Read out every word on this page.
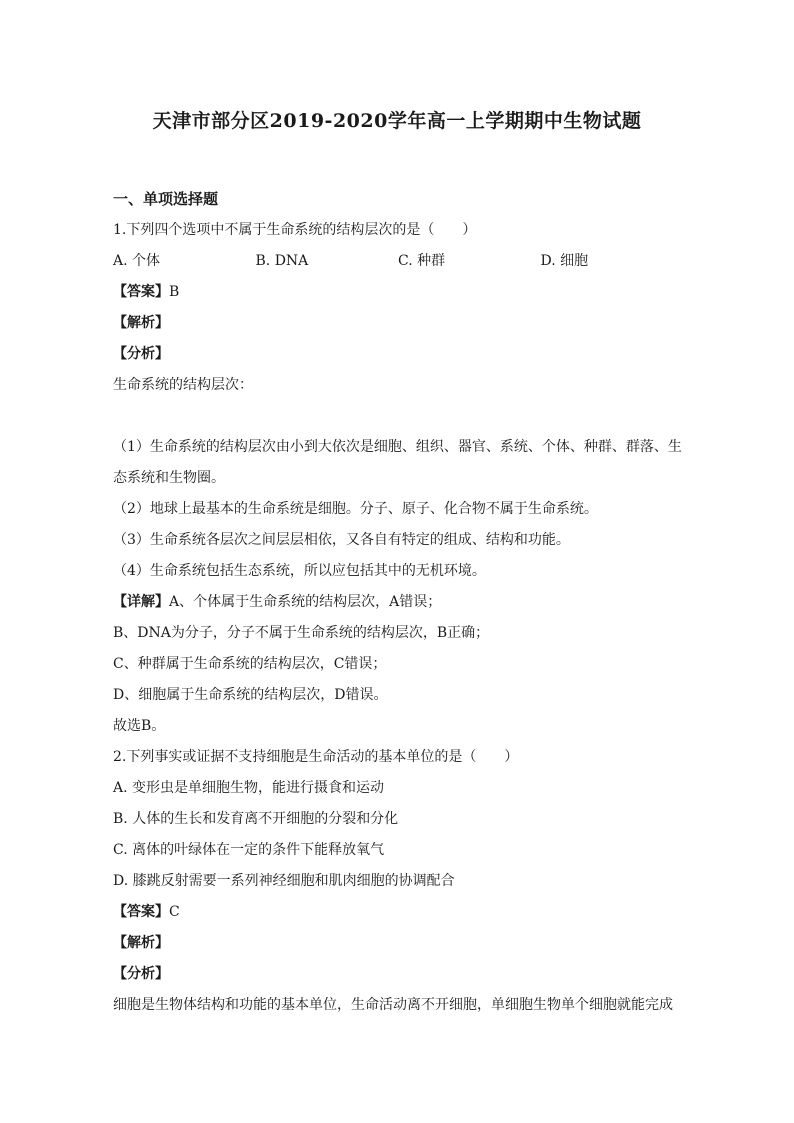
天津市部分区2019-2020学年高一上学期期中生物试题
一、单项选择题
1.下列四个选项中不属于生命系统的结构层次的是（　　）
A. 个体	B. DNA	C. 种群	D. 细胞
【答案】B
【解析】
【分析】
生命系统的结构层次：
（1）生命系统的结构层次由小到大依次是细胞、组织、器官、系统、个体、种群、群落、生
态系统和生物圈。
（2）地球上最基本的生命系统是细胞。分子、原子、化合物不属于生命系统。
（3）生命系统各层次之间层层相依，又各自有特定的组成、结构和功能。
（4）生命系统包括生态系统，所以应包括其中的无机环境。
【详解】A、个体属于生命系统的结构层次，A错误；
B、DNA为分子，分子不属于生命系统的结构层次，B正确；
C、种群属于生命系统的结构层次，C错误；
D、细胞属于生命系统的结构层次，D错误。
故选B。
2.下列事实或证据不支持细胞是生命活动的基本单位的是（　　）
A. 变形虫是单细胞生物，能进行摄食和运动
B. 人体的生长和发育离不开细胞的分裂和分化
C. 离体的叶绿体在一定的条件下能释放氧气
D. 膝跳反射需要一系列神经细胞和肌肉细胞的协调配合
【答案】C
【解析】
【分析】
细胞是生物体结构和功能的基本单位，生命活动离不开细胞，单细胞生物单个细胞就能完成
